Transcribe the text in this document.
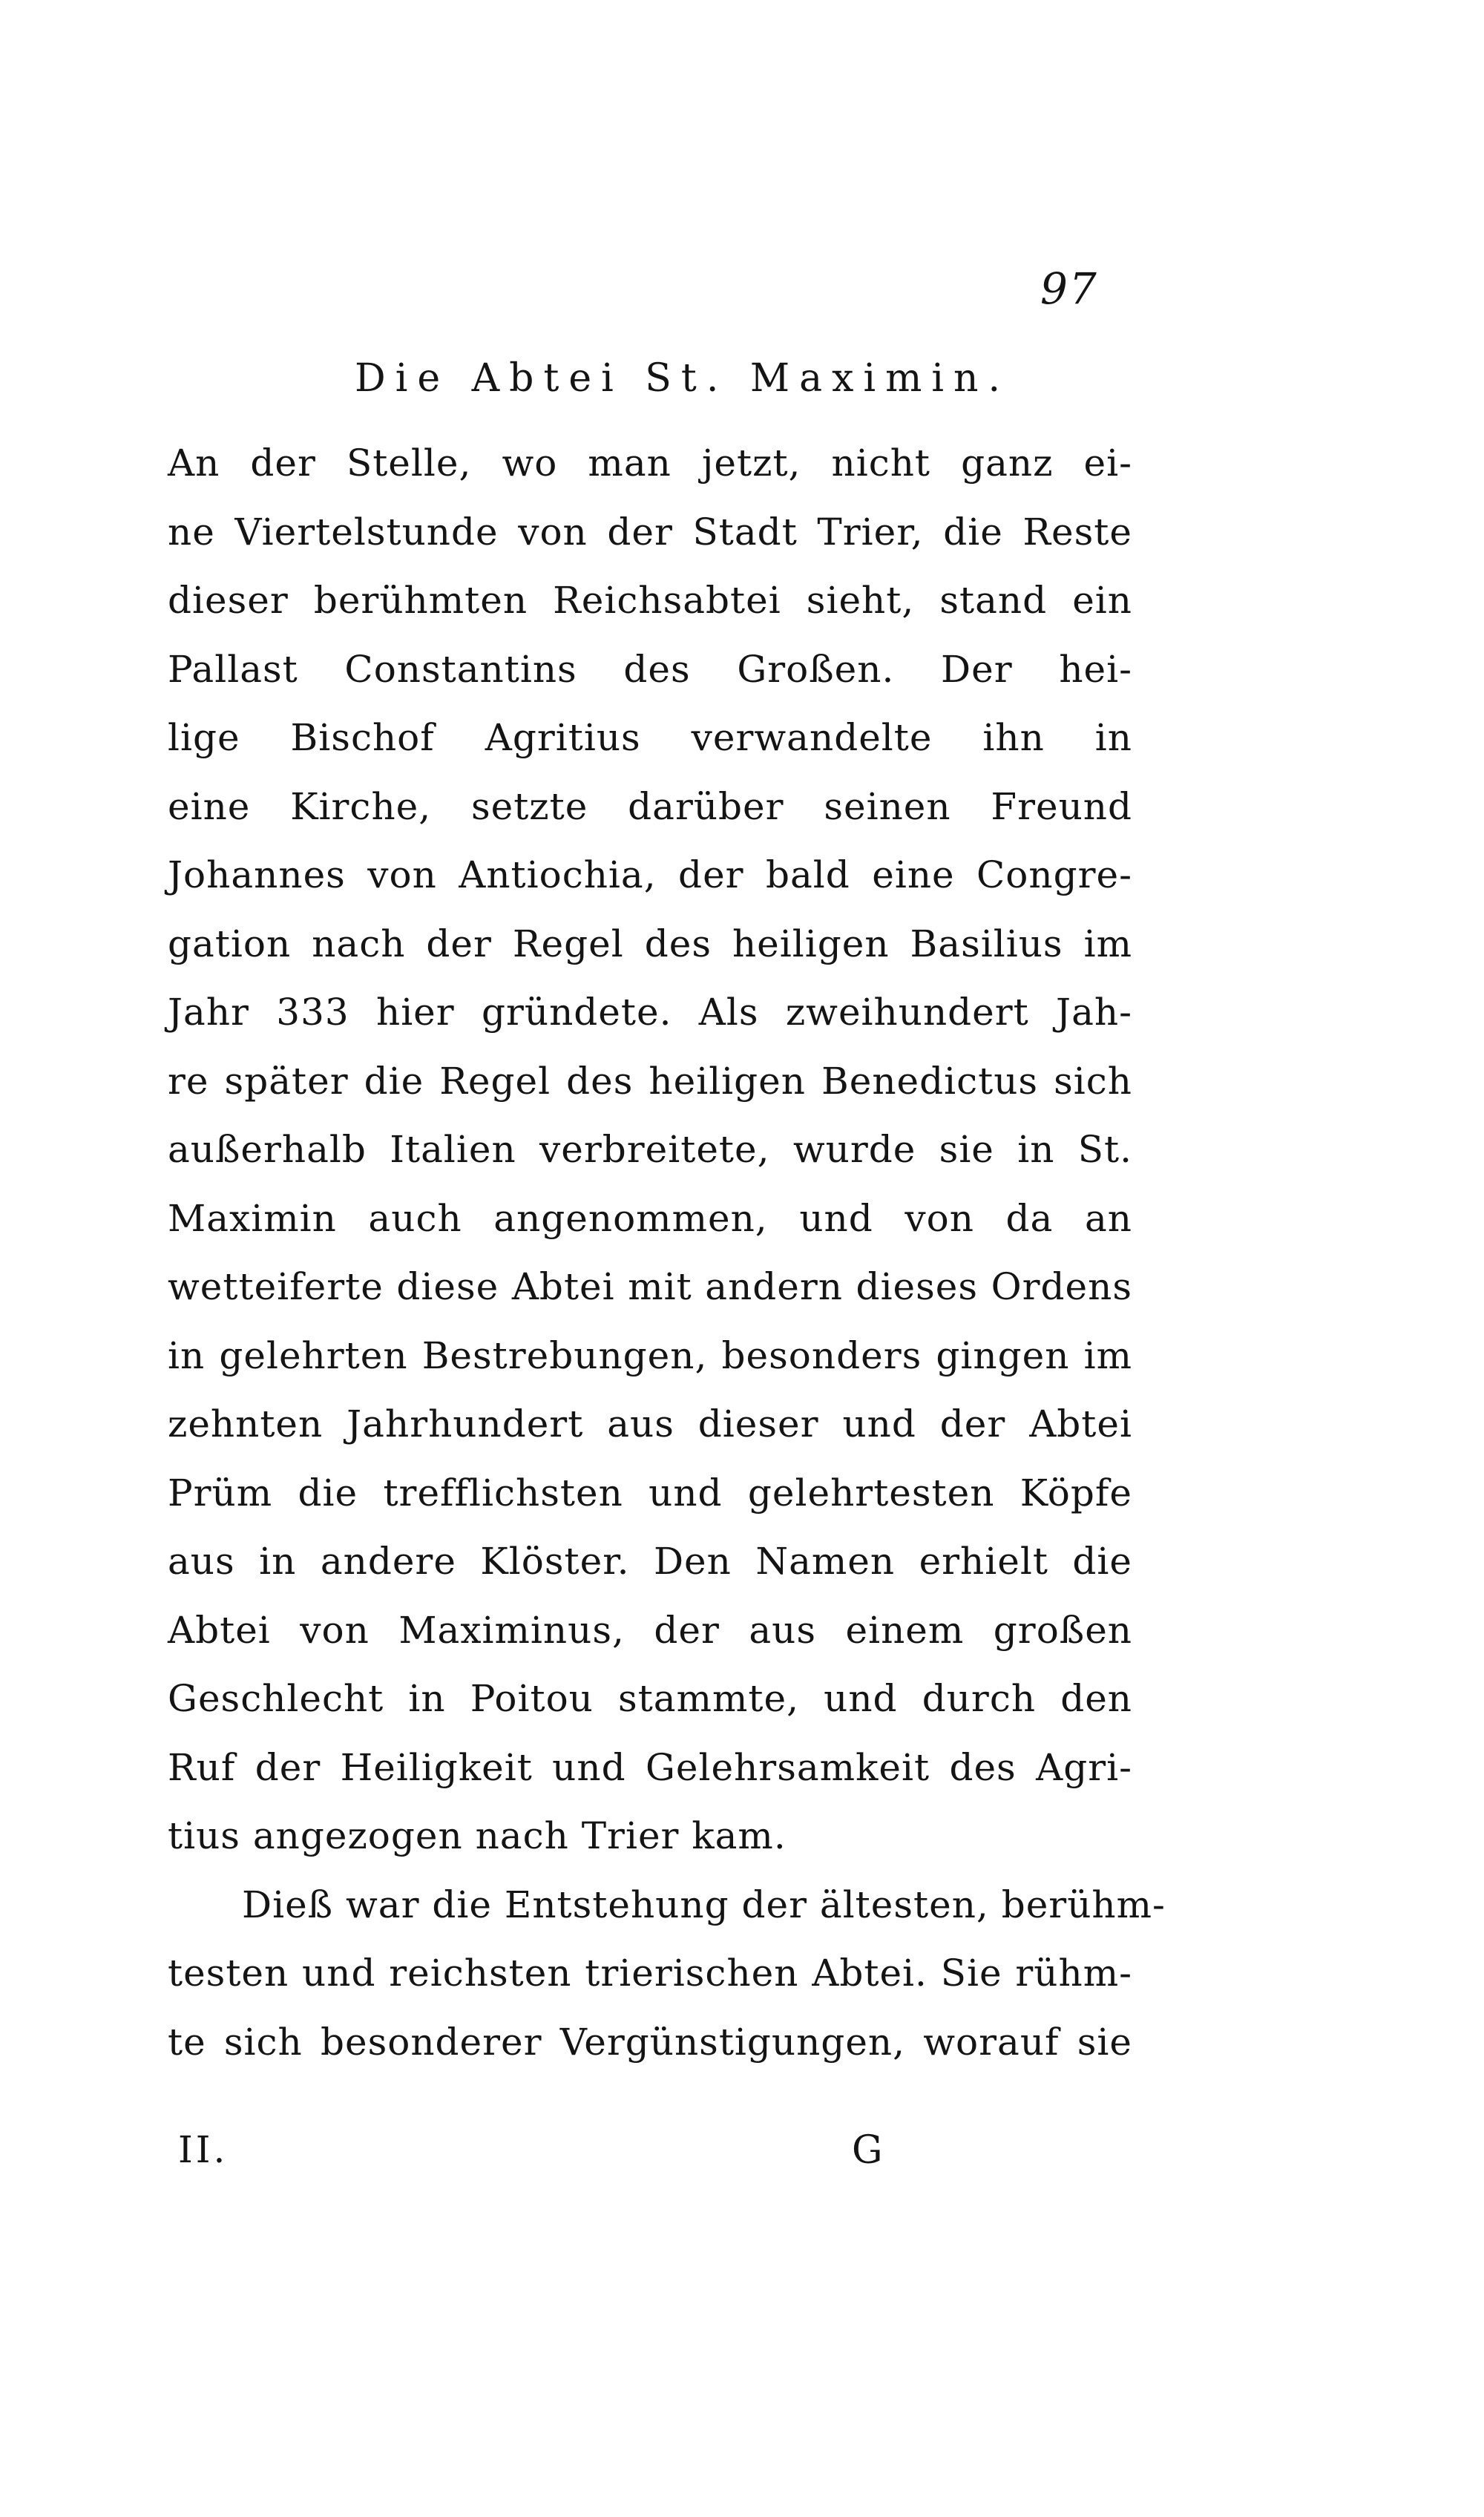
97
Die Abtei St. Maximin.
An der Stelle, wo man jetzt, nicht ganz ei-
ne Viertelstunde von der Stadt Trier, die Reste
dieser berühmten Reichsabtei sieht, stand ein
Pallast Constantins des Großen. Der hei-
lige Bischof Agritius verwandelte ihn in
eine Kirche, setzte darüber seinen Freund
Johannes von Antiochia, der bald eine Congre-
gation nach der Regel des heiligen Basilius im
Jahr 333 hier gründete. Als zweihundert Jah-
re später die Regel des heiligen Benedictus sich
außerhalb Italien verbreitete, wurde sie in St.
Maximin auch angenommen, und von da an
wetteiferte diese Abtei mit andern dieses Ordens
in gelehrten Bestrebungen, besonders gingen im
zehnten Jahrhundert aus dieser und der Abtei
Prüm die trefflichsten und gelehrtesten Köpfe
aus in andere Klöster. Den Namen erhielt die
Abtei von Maximinus, der aus einem großen
Geschlecht in Poitou stammte, und durch den
Ruf der Heiligkeit und Gelehrsamkeit des Agri-
tius angezogen nach Trier kam.
Dieß war die Entstehung der ältesten, berühm-
testen und reichsten trierischen Abtei. Sie rühm-
te sich besonderer Vergünstigungen, worauf sie
II.	G
